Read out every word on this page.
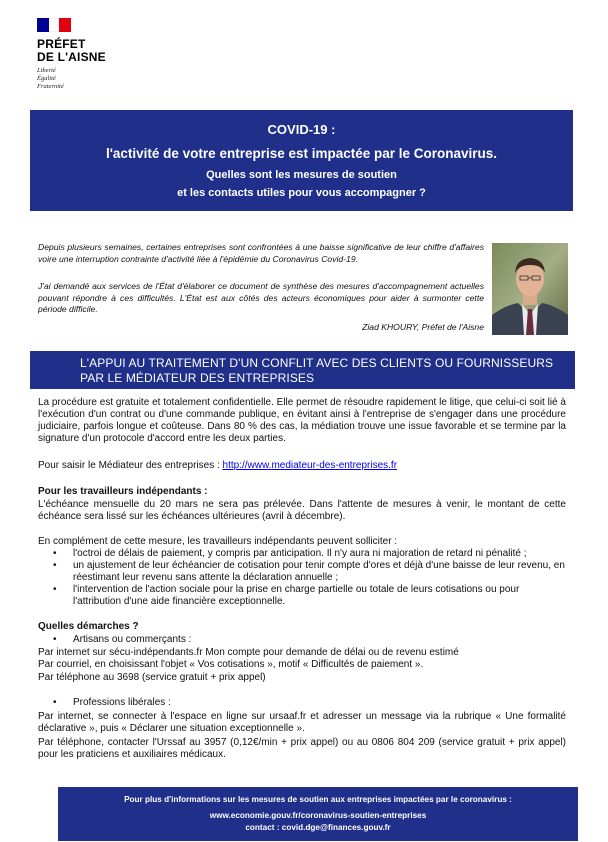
PRÉFET
DE L'AISNE
Liberté
Égalité
Fraternité
COVID-19 :
l'activité de votre entreprise est impactée par le Coronavirus.
Quelles sont les mesures de soutien
et les contacts utiles pour vous accompagner ?
Depuis plusieurs semaines, certaines entreprises sont confrontées à une baisse significative de leur chiffre d'affaires voire une interruption contrainte d'activité liée à l'épidémie du Coronavirus Covid-19.
J'ai demandé aux services de l'État d'élaborer ce document de synthèse des mesures d'accompagnement actuelles pouvant répondre à ces difficultés. L'État est aux côtés des acteurs économiques pour aider à surmonter cette période difficile.
Ziad KHOURY, Préfet de l'Aisne
L'APPUI AU TRAITEMENT D'UN CONFLIT AVEC DES CLIENTS OU FOURNISSEURS
PAR LE MÉDIATEUR DES ENTREPRISES
La procédure est gratuite et totalement confidentielle. Elle permet de résoudre rapidement le litige, que celui-ci soit lié à l'exécution d'un contrat ou d'une commande publique, en évitant ainsi à l'entreprise de s'engager dans une procédure judiciaire, parfois longue et coûteuse. Dans 80 % des cas, la médiation trouve une issue favorable et se termine par la signature d'un protocole d'accord entre les deux parties.
Pour saisir le Médiateur des entreprises : http://www.mediateur-des-entreprises.fr
Pour les travailleurs indépendants :
L'échéance mensuelle du 20 mars ne sera pas prélevée. Dans l'attente de mesures à venir, le montant de cette échéance sera lissé sur les échéances ultérieures (avril à décembre).
En complément de cette mesure, les travailleurs indépendants peuvent solliciter :
• l'octroi de délais de paiement, y compris par anticipation. Il n'y aura ni majoration de retard ni pénalité ;
• un ajustement de leur échéancier de cotisation pour tenir compte d'ores et déjà d'une baisse de leur revenu, en réestimant leur revenu sans attente la déclaration annuelle ;
• l'intervention de l'action sociale pour la prise en charge partielle ou totale de leurs cotisations ou pour l'attribution d'une aide financière exceptionnelle.
Quelles démarches ?
• Artisans ou commerçants :
Par internet sur sécu-indépendants.fr Mon compte pour demande de délai ou de revenu estimé
Par courriel, en choisissant l'objet « Vos cotisations », motif « Difficultés de paiement ».
Par téléphone au 3698 (service gratuit + prix appel)
• Professions libérales :
Par internet, se connecter à l'espace en ligne sur ursaaf.fr et adresser un message via la rubrique « Une formalité déclarative », puis « Déclarer une situation exceptionnelle ».
Par téléphone, contacter l'Urssaf au 3957 (0,12€/min + prix appel) ou au 0806 804 209 (service gratuit + prix appel) pour les praticiens et auxiliaires médicaux.
Pour plus d'informations sur les mesures de soutien aux entreprises impactées par le coronavirus :
www.economie.gouv.fr/coronavirus-soutien-entreprises
contact : covid.dge@finances.gouv.fr
